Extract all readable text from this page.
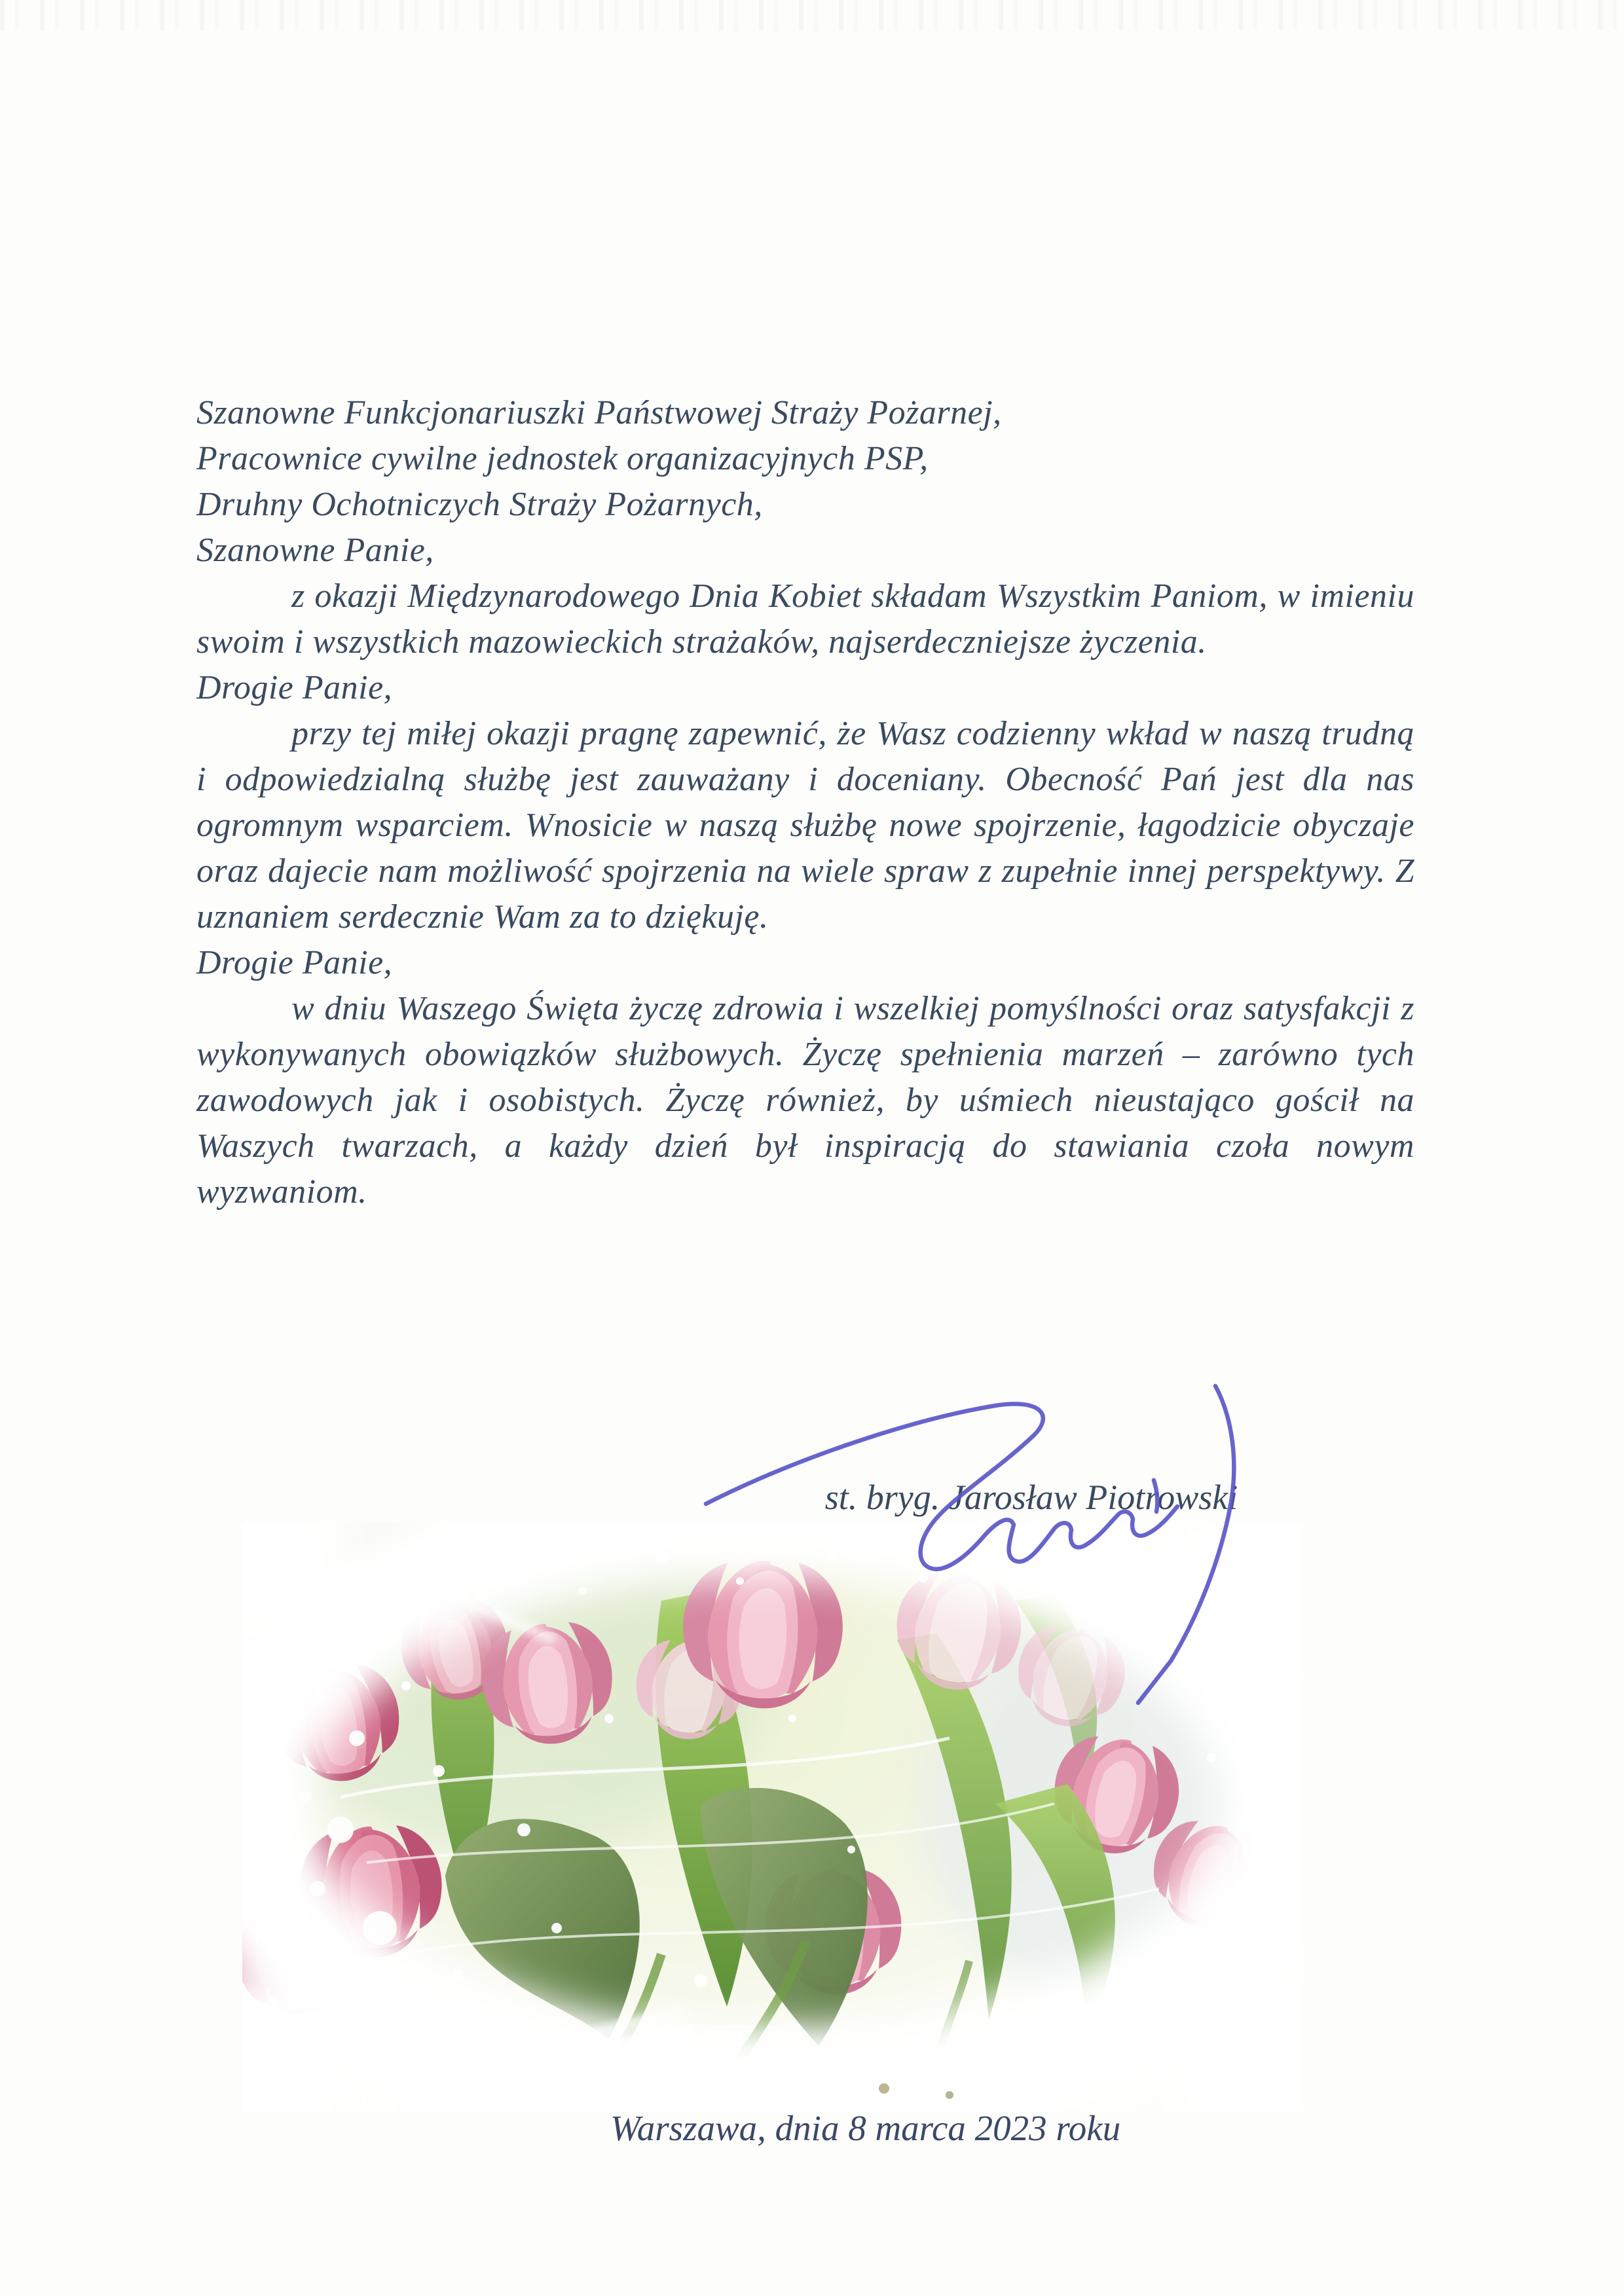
Szanowne Funkcjonariuszki Państwowej Straży Pożarnej,
Pracownice cywilne jednostek organizacyjnych PSP,
Druhny Ochotniczych Straży Pożarnych,
Szanowne Panie,

z okazji Międzynarodowego Dnia Kobiet składam Wszystkim Paniom, w imieniu swoim i wszystkich mazowieckich strażaków, najserdeczniejsze życzenia.

Drogie Panie,

przy tej miłej okazji pragnę zapewnić, że Wasz codzienny wkład w naszą trudną i odpowiedzialną służbę jest zauważany i doceniany. Obecność Pań jest dla nas ogromnym wsparciem. Wnosicie w naszą służbę nowe spojrzenie, łagodzicie obyczaje oraz dajecie nam możliwość spojrzenia na wiele spraw z zupełnie innej perspektywy. Z uznaniem serdecznie Wam za to dziękuję.

Drogie Panie,

w dniu Waszego Święta życzę zdrowia i wszelkiej pomyślności oraz satysfakcji z wykonywanych obowiązków służbowych. Życzę spełnienia marzeń – zarówno tych zawodowych jak i osobistych. Życzę również, by uśmiech nieustająco gościł na Waszych twarzach, a każdy dzień był inspiracją do stawiania czoła nowym wyzwaniom.

st. bryg. Jarosław Piotrowski
Warszawa, dnia 8 marca 2023 roku
